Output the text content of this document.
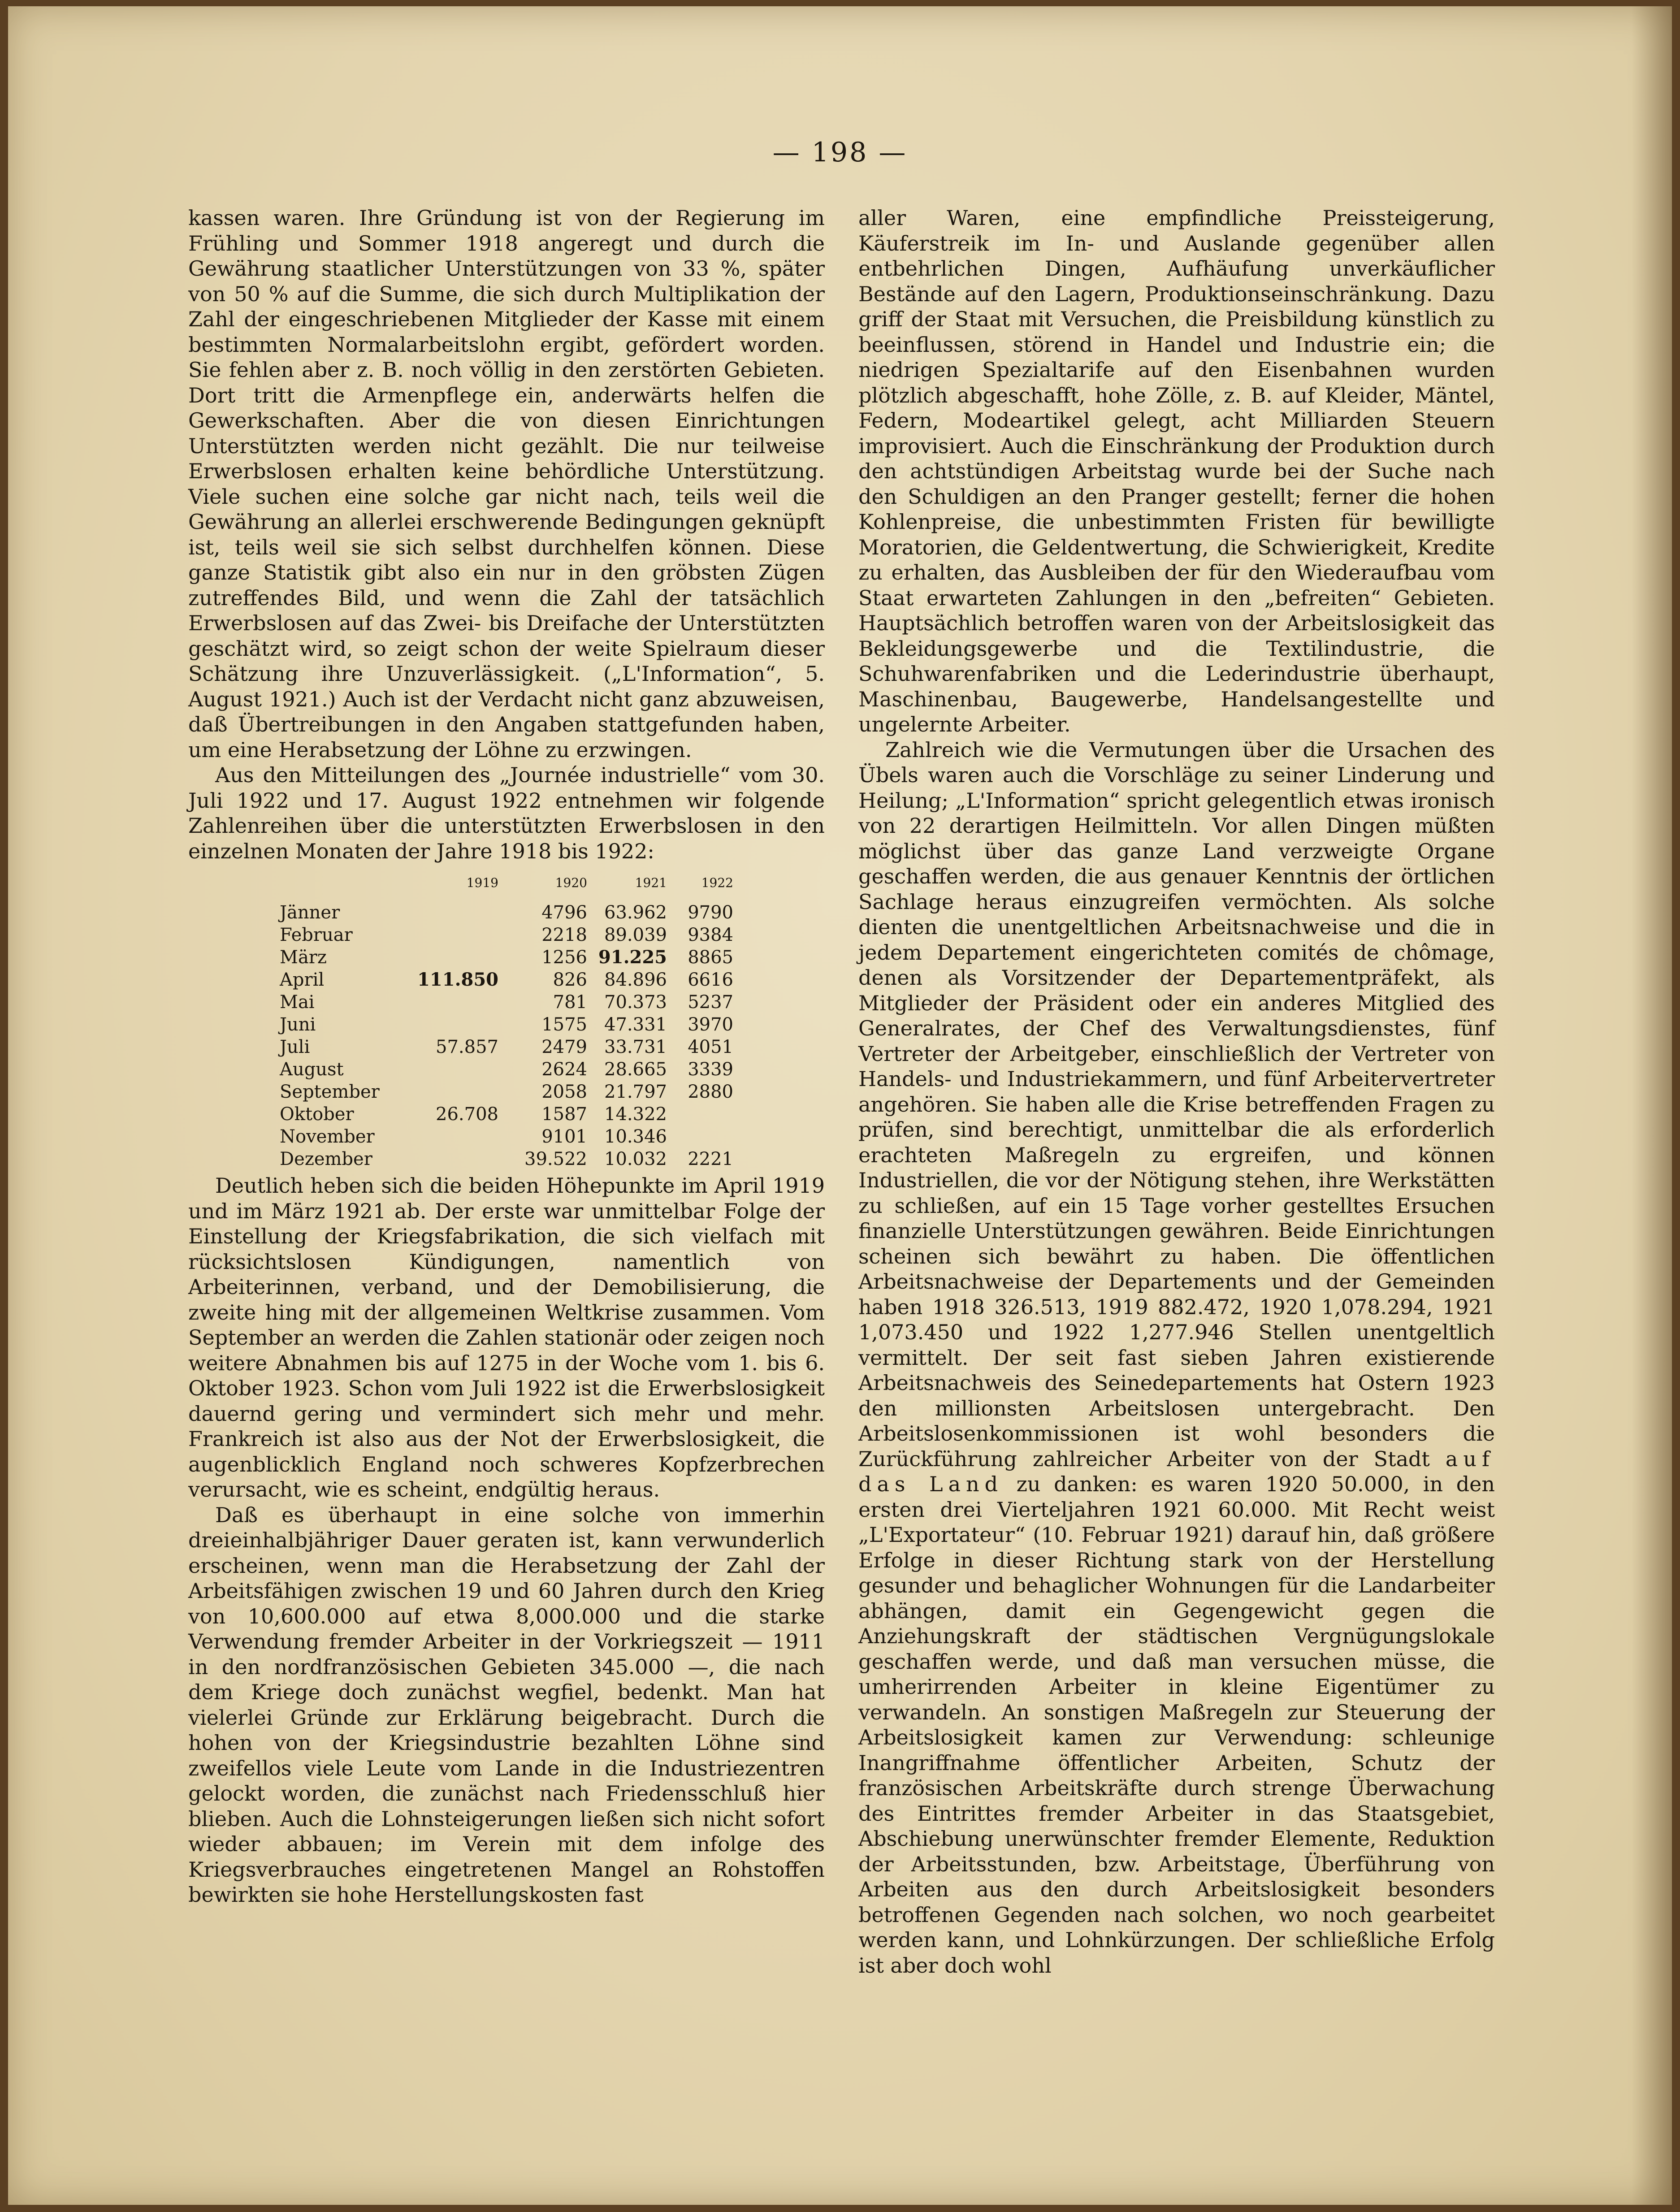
— 198 —

kassen waren. Ihre Gründung ist von der Regierung im Frühling und Sommer 1918 angeregt und durch die Gewährung staatlicher Unterstützungen von 33 %, später von 50 % auf die Summe, die sich durch Multiplikation der Zahl der eingeschriebenen Mitglieder der Kasse mit einem bestimmten Normalarbeitslohn ergibt, gefördert worden. Sie fehlen aber z. B. noch völlig in den zerstörten Gebieten. Dort tritt die Armenpflege ein, anderwärts helfen die Gewerkschaften. Aber die von diesen Einrichtungen Unterstützten werden nicht gezählt. Die nur teilweise Erwerbslosen erhalten keine behördliche Unterstützung. Viele suchen eine solche gar nicht nach, teils weil die Gewährung an allerlei erschwerende Bedingungen geknüpft ist, teils weil sie sich selbst durchhelfen können. Diese ganze Statistik gibt also ein nur in den gröbsten Zügen zutreffendes Bild, und wenn die Zahl der tatsächlich Erwerbslosen auf das Zwei- bis Dreifache der Unterstützten geschätzt wird, so zeigt schon der weite Spielraum dieser Schätzung ihre Unzuverlässigkeit. („L'Information“, 5. August 1921.) Auch ist der Verdacht nicht ganz abzuweisen, daß Übertreibungen in den Angaben stattgefunden haben, um eine Herabsetzung der Löhne zu erzwingen.

Aus den Mitteilungen des „Journée industrielle“ vom 30. Juli 1922 und 17. August 1922 entnehmen wir folgende Zahlenreihen über die unterstützten Erwerbslosen in den einzelnen Monaten der Jahre 1918 bis 1922:

	1919	1920	1921	1922
Jänner		4796	63.962	9790
Februar		2218	89.039	9384
März		1256	91.225	8865
April	111.850	826	84.896	6616
Mai		781	70.373	5237
Juni		1575	47.331	3970
Juli	57.857	2479	33.731	4051
August		2624	28.665	3339
September		2058	21.797	2880
Oktober	26.708	1587	14.322	
November		9101	10.346	
Dezember		39.522	10.032	2221

Deutlich heben sich die beiden Höhepunkte im April 1919 und im März 1921 ab. Der erste war unmittelbar Folge der Einstellung der Kriegsfabrikation, die sich vielfach mit rücksichtslosen Kündigungen, namentlich von Arbeiterinnen, verband, und der Demobilisierung, die zweite hing mit der allgemeinen Weltkrise zusammen. Vom September an werden die Zahlen stationär oder zeigen noch weitere Abnahmen bis auf 1275 in der Woche vom 1. bis 6. Oktober 1923. Schon vom Juli 1922 ist die Erwerbslosigkeit dauernd gering und vermindert sich mehr und mehr. Frankreich ist also aus der Not der Erwerbslosigkeit, die augenblicklich England noch schweres Kopfzerbrechen verursacht, wie es scheint, endgültig heraus.

Daß es überhaupt in eine solche von immerhin dreieinhalbjähriger Dauer geraten ist, kann verwunderlich erscheinen, wenn man die Herabsetzung der Zahl der Arbeitsfähigen zwischen 19 und 60 Jahren durch den Krieg von 10,600.000 auf etwa 8,000.000 und die starke Verwendung fremder Arbeiter in der Vorkriegszeit — 1911 in den nordfranzösischen Gebieten 345.000 —, die nach dem Kriege doch zunächst wegfiel, bedenkt. Man hat vielerlei Gründe zur Erklärung beigebracht. Durch die hohen von der Kriegsindustrie bezahlten Löhne sind zweifellos viele Leute vom Lande in die Industriezentren gelockt worden, die zunächst nach Friedensschluß hier blieben. Auch die Lohnsteigerungen ließen sich nicht sofort wieder abbauen; im Verein mit dem infolge des Kriegsverbrauches eingetretenen Mangel an Rohstoffen bewirkten sie hohe Herstellungskosten fast

aller Waren, eine empfindliche Preissteigerung, Käuferstreik im In- und Auslande gegenüber allen entbehrlichen Dingen, Aufhäufung unverkäuflicher Bestände auf den Lagern, Produktionseinschränkung. Dazu griff der Staat mit Versuchen, die Preisbildung künstlich zu beeinflussen, störend in Handel und Industrie ein; die niedrigen Spezialtarife auf den Eisenbahnen wurden plötzlich abgeschafft, hohe Zölle, z. B. auf Kleider, Mäntel, Federn, Modeartikel gelegt, acht Milliarden Steuern improvisiert. Auch die Einschränkung der Produktion durch den achtstündigen Arbeitstag wurde bei der Suche nach den Schuldigen an den Pranger gestellt; ferner die hohen Kohlenpreise, die unbestimmten Fristen für bewilligte Moratorien, die Geldentwertung, die Schwierigkeit, Kredite zu erhalten, das Ausbleiben der für den Wiederaufbau vom Staat erwarteten Zahlungen in den „befreiten“ Gebieten. Hauptsächlich betroffen waren von der Arbeitslosigkeit das Bekleidungsgewerbe und die Textilindustrie, die Schuhwarenfabriken und die Lederindustrie überhaupt, Maschinenbau, Baugewerbe, Handelsangestellte und ungelernte Arbeiter.

Zahlreich wie die Vermutungen über die Ursachen des Übels waren auch die Vorschläge zu seiner Linderung und Heilung; „L'Information“ spricht gelegentlich etwas ironisch von 22 derartigen Heilmitteln. Vor allen Dingen müßten möglichst über das ganze Land verzweigte Organe geschaffen werden, die aus genauer Kenntnis der örtlichen Sachlage heraus einzugreifen vermöchten. Als solche dienten die unentgeltlichen Arbeitsnachweise und die in jedem Departement eingerichteten comités de chômage, denen als Vorsitzender der Departementpräfekt, als Mitglieder der Präsident oder ein anderes Mitglied des Generalrates, der Chef des Verwaltungsdienstes, fünf Vertreter der Arbeitgeber, einschließlich der Vertreter von Handels- und Industriekammern, und fünf Arbeitervertreter angehören. Sie haben alle die Krise betreffenden Fragen zu prüfen, sind berechtigt, unmittelbar die als erforderlich erachteten Maßregeln zu ergreifen, und können Industriellen, die vor der Nötigung stehen, ihre Werkstätten zu schließen, auf ein 15 Tage vorher gestelltes Ersuchen finanzielle Unterstützungen gewähren. Beide Einrichtungen scheinen sich bewährt zu haben. Die öffentlichen Arbeitsnachweise der Departements und der Gemeinden haben 1918 326.513, 1919 882.472, 1920 1,078.294, 1921 1,073.450 und 1922 1,277.946 Stellen unentgeltlich vermittelt. Der seit fast sieben Jahren existierende Arbeitsnachweis des Seinedepartements hat Ostern 1923 den millionsten Arbeitslosen untergebracht. Den Arbeitslosenkommissionen ist wohl besonders die Zurückführung zahlreicher Arbeiter von der Stadt auf das Land zu danken: es waren 1920 50.000, in den ersten drei Vierteljahren 1921 60.000. Mit Recht weist „L'Exportateur“ (10. Februar 1921) darauf hin, daß größere Erfolge in dieser Richtung stark von der Herstellung gesunder und behaglicher Wohnungen für die Landarbeiter abhängen, damit ein Gegengewicht gegen die Anziehungskraft der städtischen Vergnügungslokale geschaffen werde, und daß man versuchen müsse, die umherirrenden Arbeiter in kleine Eigentümer zu verwandeln. An sonstigen Maßregeln zur Steuerung der Arbeitslosigkeit kamen zur Verwendung: schleunige Inangriffnahme öffentlicher Arbeiten, Schutz der französischen Arbeitskräfte durch strenge Überwachung des Eintrittes fremder Arbeiter in das Staatsgebiet, Abschiebung unerwünschter fremder Elemente, Reduktion der Arbeitsstunden, bzw. Arbeitstage, Überführung von Arbeiten aus den durch Arbeitslosigkeit besonders betroffenen Gegenden nach solchen, wo noch gearbeitet werden kann, und Lohnkürzungen. Der schließliche Erfolg ist aber doch wohl
